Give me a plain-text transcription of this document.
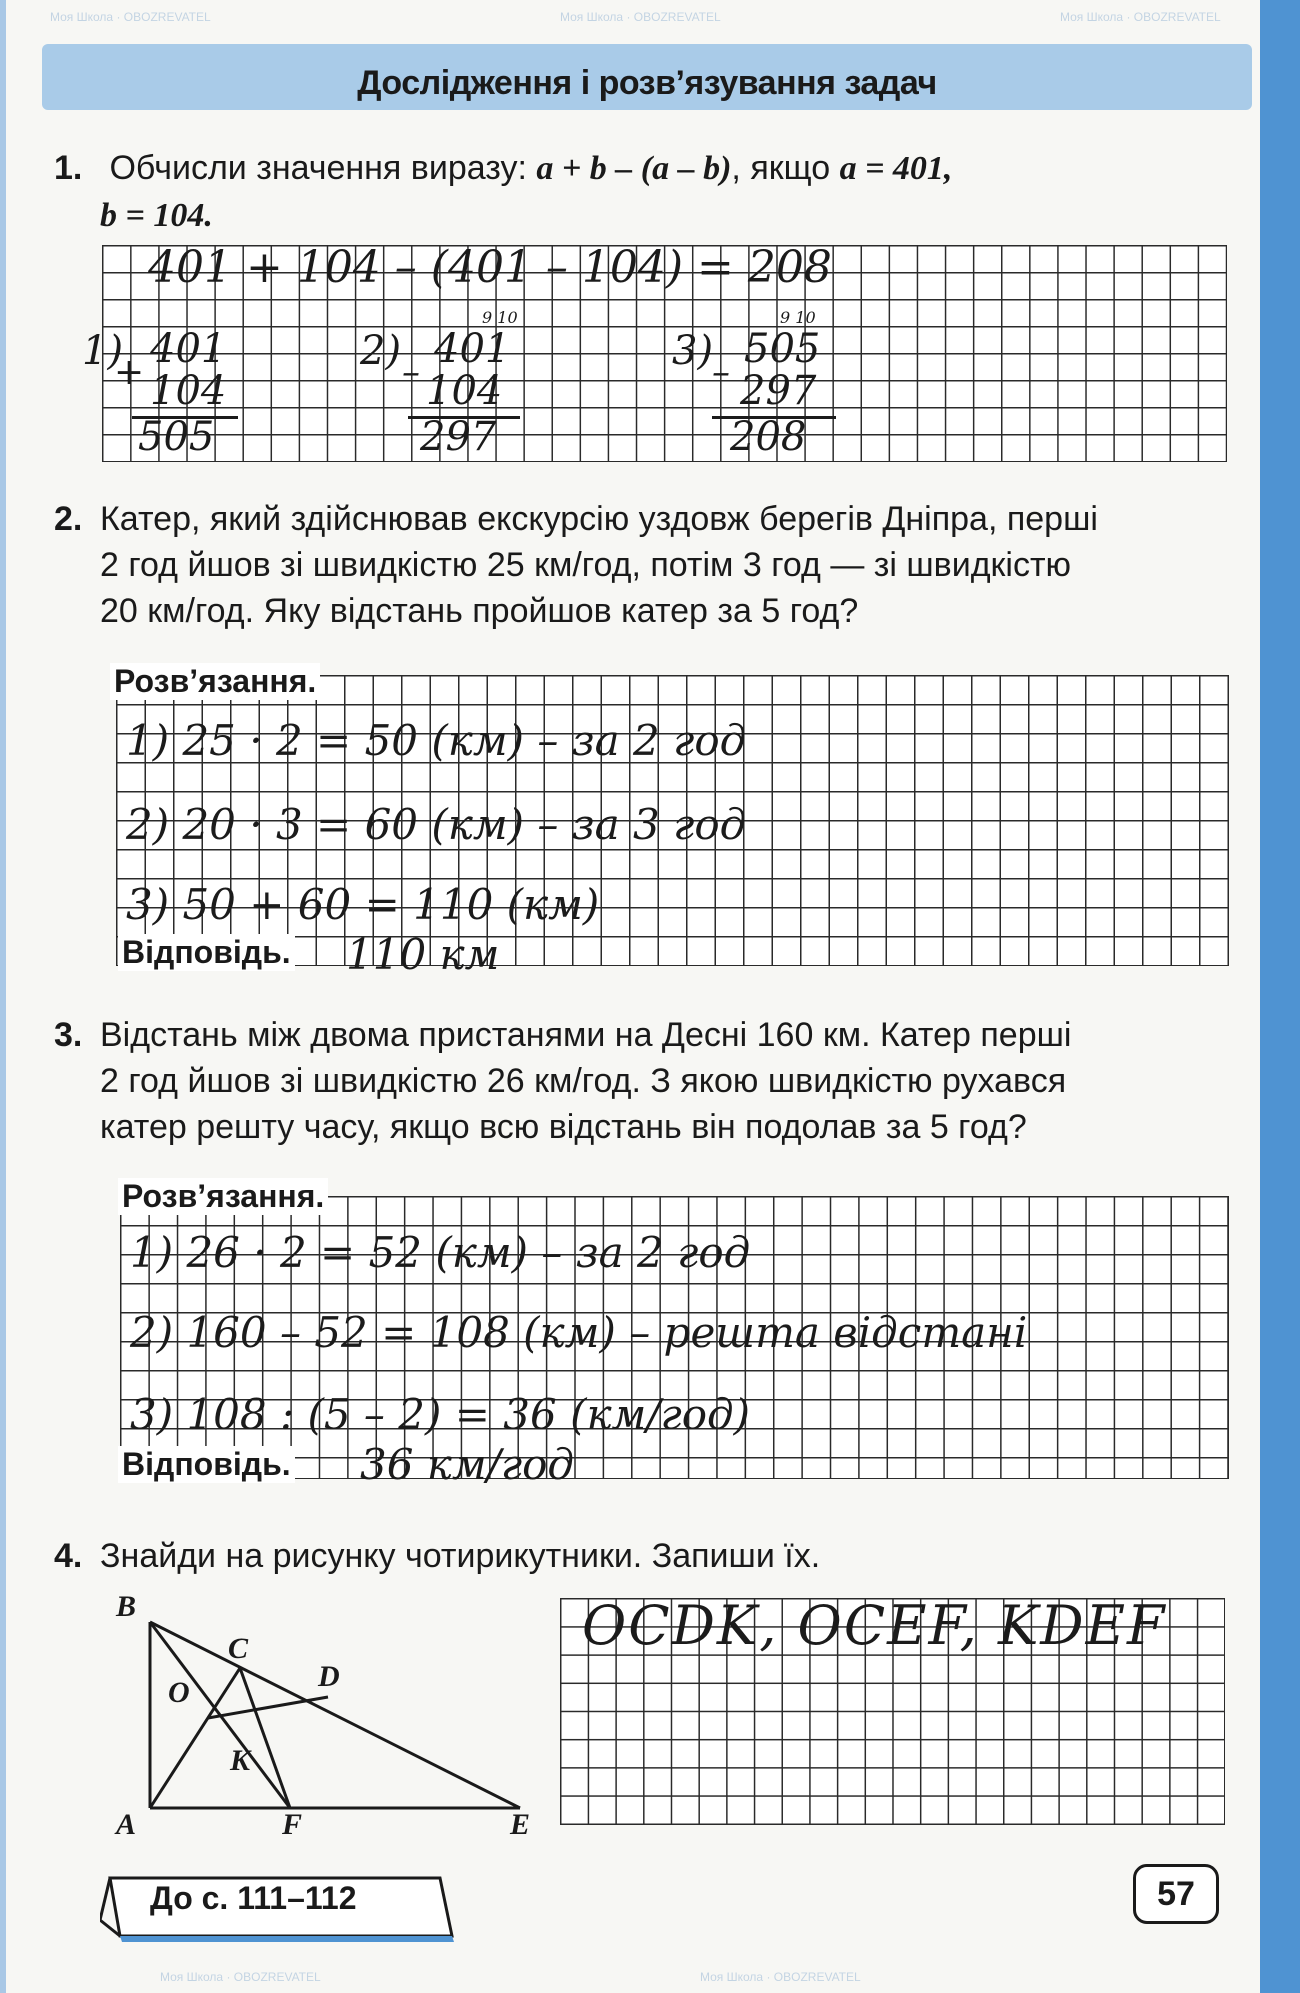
Моя Школа · OBOZREVATEL	Моя Школа · OBOZREVATEL	Моя Школа · OBOZREVATEL
Моя Школа · OBOZREVATEL	Моя Школа · OBOZREVATEL
Дослідження і розв’язування задач
1. Обчисли значення виразу: a + b – (a – b), якщо a = 401,
b = 104.
401 + 104 – (401 – 104) = 208
1)
+
401
104
505
2)
9 10
–
401
104
297
3)
9 10
–
505
297
208
2. Катер, який здійснював екскурсію уздовж берегів Дніпра, перші
2 год йшов зі швидкістю 25 км/год, потім 3 год — зі швидкістю
20 км/год. Яку відстань пройшов катер за 5 год?
Розв’язання.
Відповідь.
1) 25 · 2 = 50 (км) – за 2 год
2) 20 · 3 = 60 (км) – за 3 год
3) 50 + 60 = 110 (км)
110 км
3. Відстань між двома пристанями на Десні 160 км. Катер перші
2 год йшов зі швидкістю 26 км/год. З якою швидкістю рухався
катер решту часу, якщо всю відстань він подолав за 5 год?
Розв’язання.
Відповідь.
1) 26 · 2 = 52 (км) – за 2 год
2) 160 – 52 = 108 (км) – решта відстані
3) 108 : (5 – 2) = 36 (км/год)
36 км/год
4. Знайди на рисунку чотирикутники. Запиши їх.
B
C
O	D
K
A	F	E
OCDK, OCEF, KDEF
До с. 111–112	57
